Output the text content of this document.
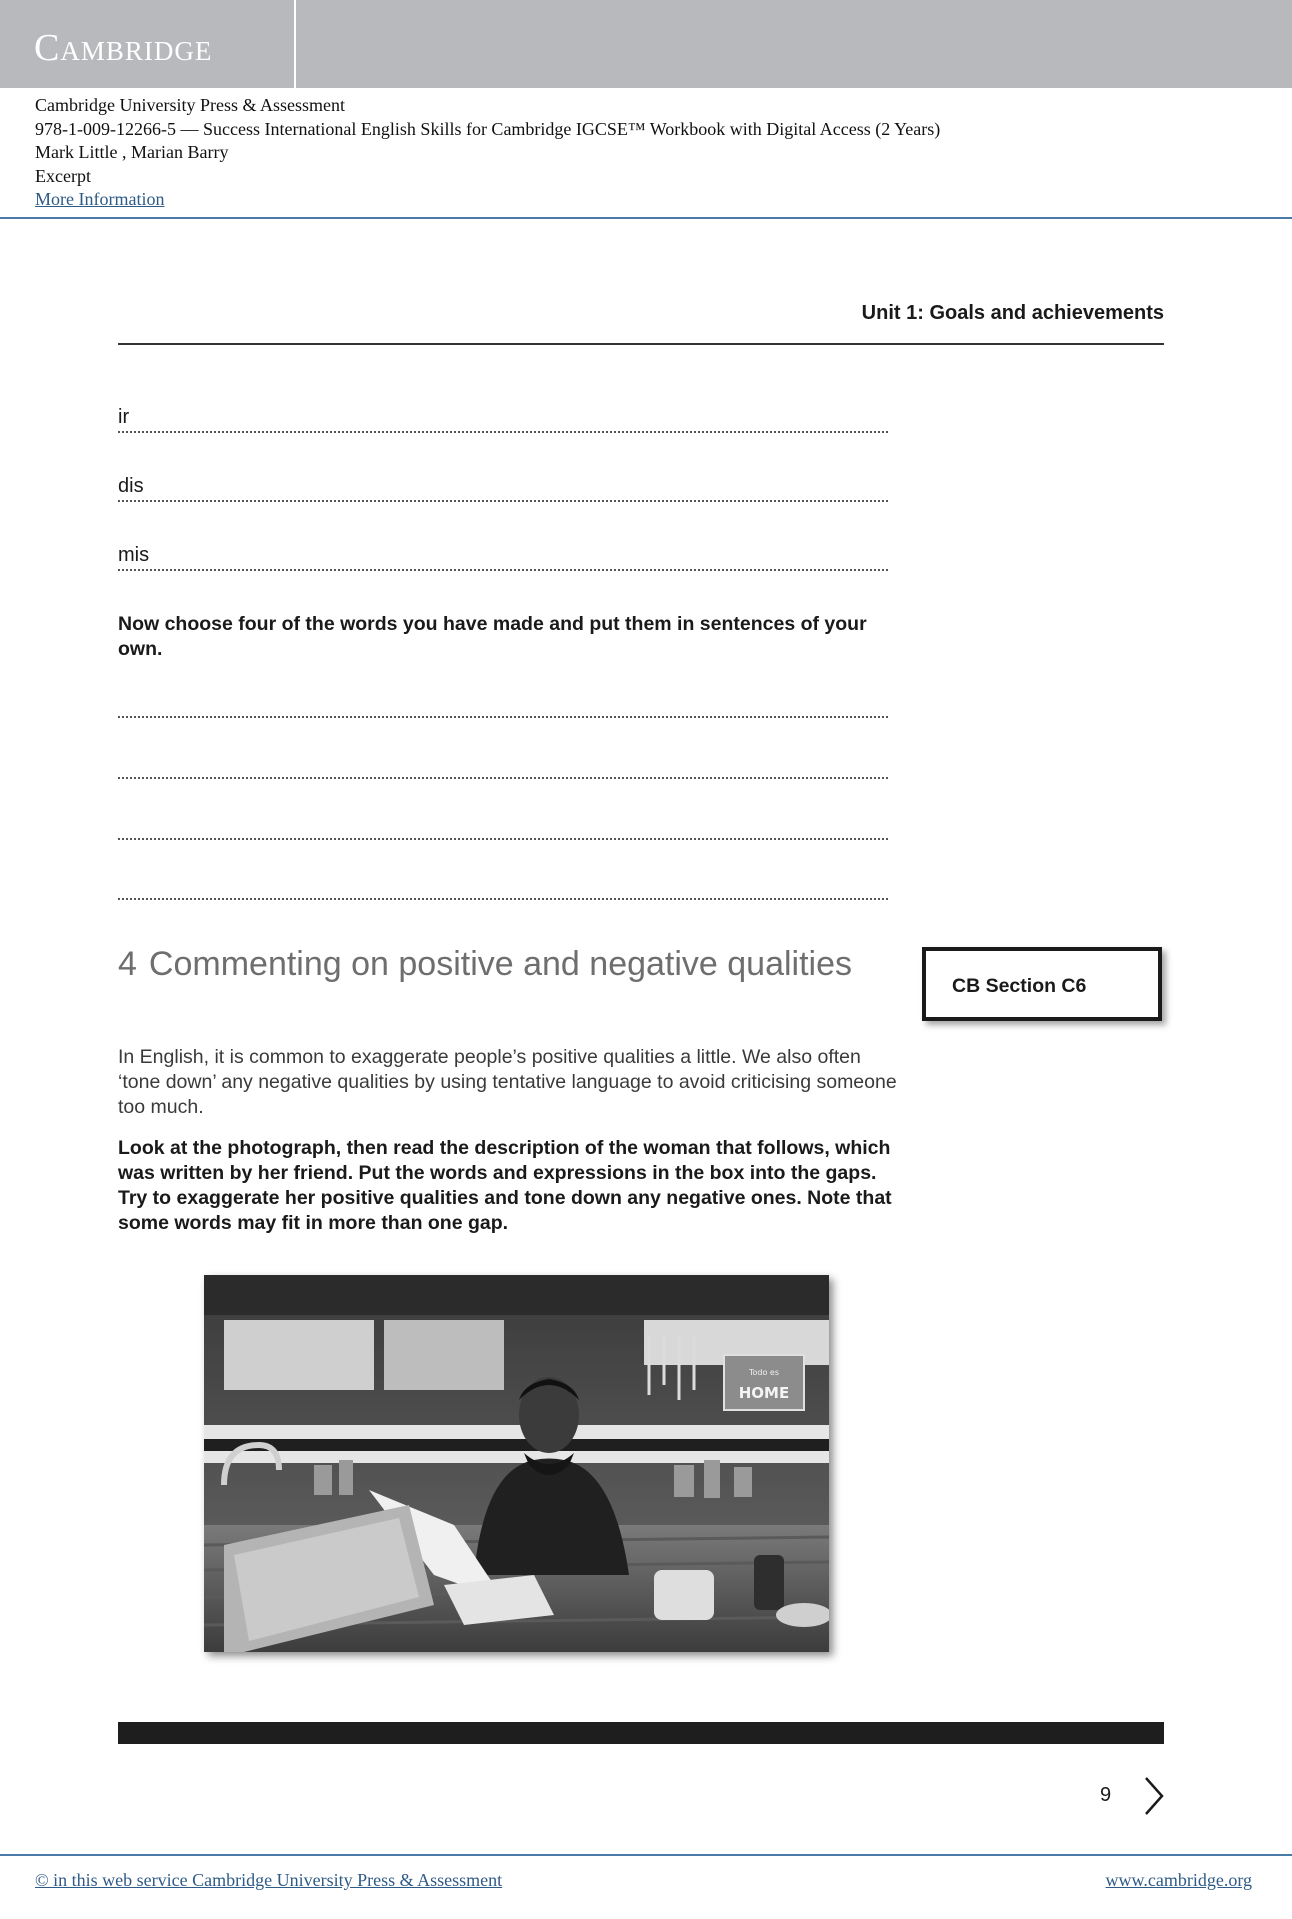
Cambridge
Cambridge University Press & Assessment
978-1-009-12266-5 — Success International English Skills for Cambridge IGCSE™ Workbook with Digital Access (2 Years)
Mark Little , Marian Barry
Excerpt
More Information
Unit 1: Goals and achievements
ir
dis
mis
Now choose four of the words you have made and put them in sentences of your own.
4 Commenting on positive and negative qualities
CB Section C6
In English, it is common to exaggerate people’s positive qualities a little. We also often ‘tone down’ any negative qualities by using tentative language to avoid criticising someone too much.
Look at the photograph, then read the description of the woman that follows, which was written by her friend. Put the words and expressions in the box into the gaps. Try to exaggerate her positive qualities and tone down any negative ones. Note that some words may fit in more than one gap.
Todo es
HOME
9
© in this web service Cambridge University Press & Assessment	www.cambridge.org
